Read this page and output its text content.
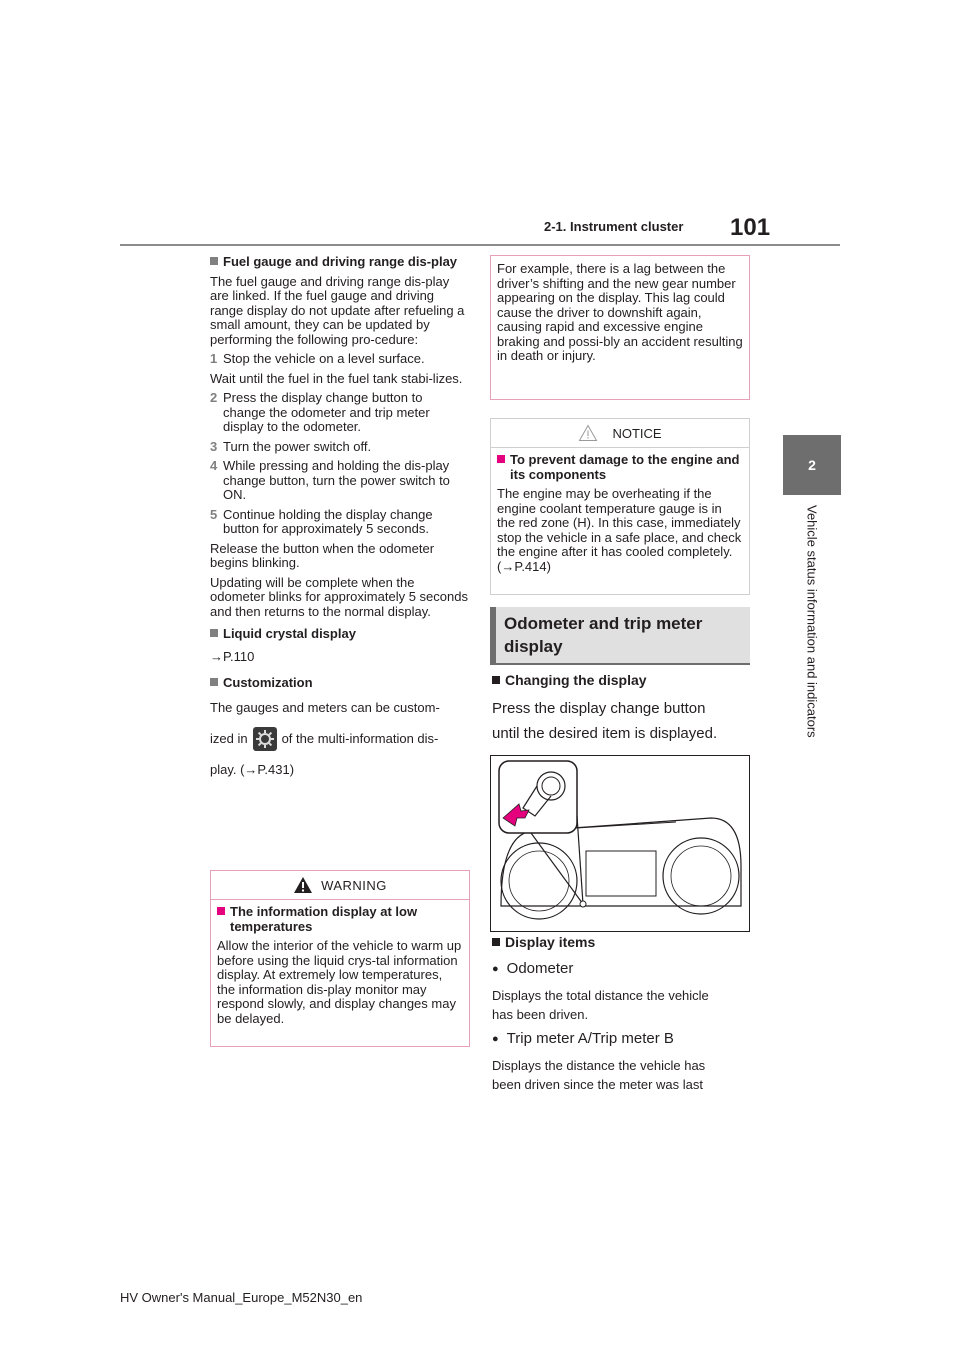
2-1. Instrument cluster 101
2
Vehicle status information and indicators
Fuel gauge and driving range dis-play

The fuel gauge and driving range dis-play are linked. If the fuel gauge and driving range display do not update after refueling a small amount, they can be updated by performing the following pro-cedure:

1 Stop the vehicle on a level surface.

Wait until the fuel in the fuel tank stabi-lizes.

2 Press the display change button to change the odometer and trip meter display to the odometer.
3 Turn the power switch off.
4 While pressing and holding the dis-play change button, turn the power switch to ON.
5 Continue holding the display change button for approximately 5 seconds.

Release the button when the odometer begins blinking.

Updating will be complete when the odometer blinks for approximately 5 seconds and then returns to the normal display.

Liquid crystal display

→P.110

Customization

The gauges and meters can be custom-

ized in	of the multi-information dis-

play. (→P.431)

WARNING
The information display at low temperatures

Allow the interior of the vehicle to warm up before using the liquid crys-tal information display. At extremely low temperatures, the information dis-play monitor may respond slowly, and display changes may be delayed.

For example, there is a lag between the driver’s shifting and the new gear number appearing on the display. This lag could cause the driver to downshift again, causing rapid and excessive engine braking and possi-bly an accident resulting in death or injury.

NOTICE
To prevent damage to the engine and its components

The engine may be overheating if the engine coolant temperature gauge is in the red zone (H). In this case, immediately stop the vehicle in a safe place, and check the engine after it has cooled completely. (→P.414)

Odometer and trip meter
display
Changing the display
Press the display change button
until the desired item is displayed.
Display items
● Odometer
Displays the total distance the vehicle
has been driven.
● Trip meter A/Trip meter B
Displays the distance the vehicle has
been driven since the meter was last
HV Owner's Manual_Europe_M52N30_en
